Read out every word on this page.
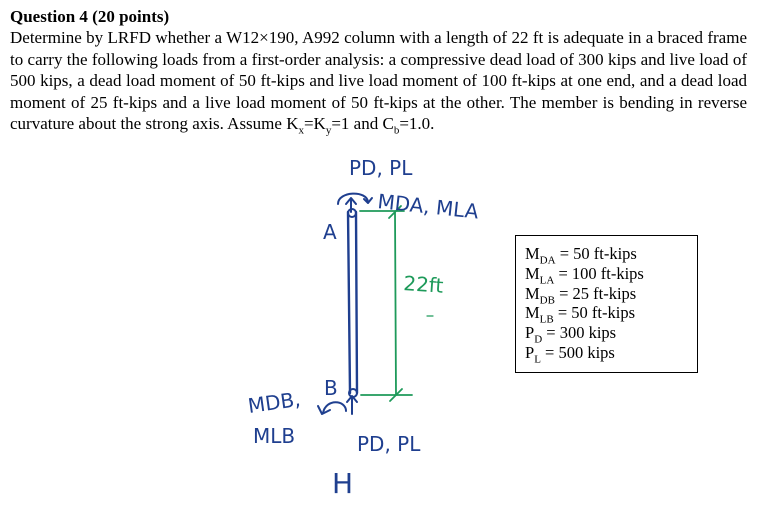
Question 4 (20 points)
Determine by LRFD whether a W12×190, A992 column with a length of 22 ft is adequate in a braced frame to carry the following loads from a first-order analysis: a compressive dead load of 300 kips and live load of 500 kips, a dead load moment of 50 ft-kips and live load moment of 100 ft-kips at one end, and a dead load moment of 25 ft-kips and a live load moment of 50 ft-kips at the other. The member is bending in reverse curvature about the strong axis. Assume $K_x=K_y=1$ and $C_b=1.0$.
PD, PL
MDA, MLA
A
22ft
B
MDB,
MLB	PD, PL
H
$M_{DA} = 50$ ft-kips
$M_{LA} = 100$ ft-kips
$M_{DB} = 25$ ft-kips
$M_{LB} = 50$ ft-kips
$P_D = 300$ kips
$P_L = 500$ kips
